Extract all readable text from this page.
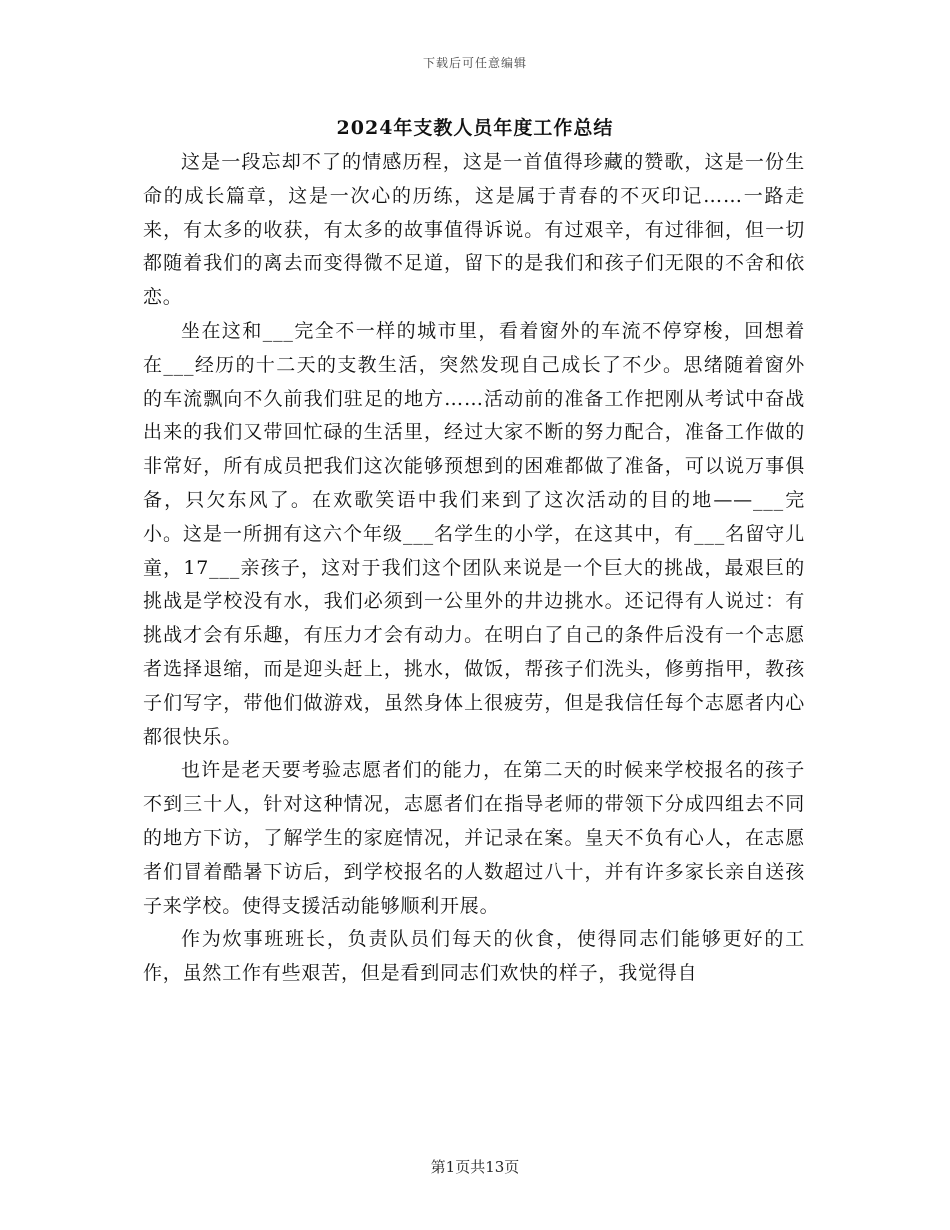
下载后可任意编辑
2024年支教人员年度工作总结

这是一段忘却不了的情感历程，这是一首值得珍藏的赞歌，这是一份生命的成长篇章，这是一次心的历练，这是属于青春的不灭印记……一路走来，有太多的收获，有太多的故事值得诉说。有过艰辛，有过徘徊，但一切都随着我们的离去而变得微不足道，留下的是我们和孩子们无限的不舍和依恋。

坐在这和___完全不一样的城市里，看着窗外的车流不停穿梭，回想着在___经历的十二天的支教生活，突然发现自己成长了不少。思绪随着窗外的车流飘向不久前我们驻足的地方……活动前的准备工作把刚从考试中奋战出来的我们又带回忙碌的生活里，经过大家不断的努力配合，准备工作做的非常好，所有成员把我们这次能够预想到的困难都做了准备，可以说万事俱备，只欠东风了。在欢歌笑语中我们来到了这次活动的目的地——___完小。这是一所拥有这六个年级___名学生的小学，在这其中，有___名留守儿童，17___亲孩子，这对于我们这个团队来说是一个巨大的挑战，最艰巨的挑战是学校没有水，我们必须到一公里外的井边挑水。还记得有人说过：有挑战才会有乐趣，有压力才会有动力。在明白了自己的条件后没有一个志愿者选择退缩，而是迎头赶上，挑水，做饭，帮孩子们洗头，修剪指甲，教孩子们写字，带他们做游戏，虽然身体上很疲劳，但是我信任每个志愿者内心都很快乐。

也许是老天要考验志愿者们的能力，在第二天的时候来学校报名的孩子不到三十人，针对这种情况，志愿者们在指导老师的带领下分成四组去不同的地方下访，了解学生的家庭情况，并记录在案。皇天不负有心人，在志愿者们冒着酷暑下访后，到学校报名的人数超过八十，并有许多家长亲自送孩子来学校。使得支援活动能够顺利开展。

作为炊事班班长，负责队员们每天的伙食，使得同志们能够更好的工作，虽然工作有些艰苦，但是看到同志们欢快的样子，我觉得自

第1页共13页
